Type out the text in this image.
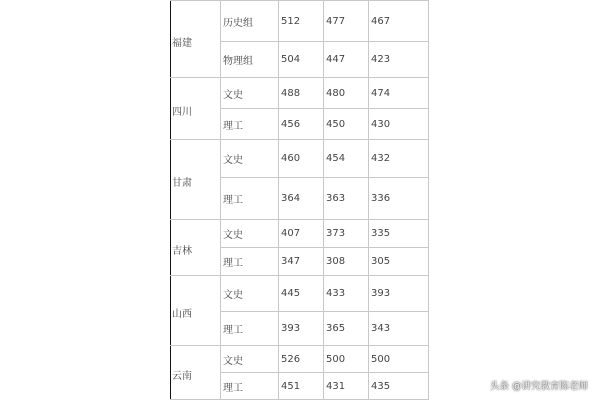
福建	历史组	512	477	467
	物理组	504	447	423
四川	文史	488	480	474
	理工	456	450	430
甘肃	文史	460	454	432
	理工	364	363	336
吉林	文史	407	373	335
	理工	347	308	305
山西	文史	445	433	393
	理工	393	365	343
云南	文史	526	500	500
	理工	451	431	435	头条 @讲究教育陈老师
